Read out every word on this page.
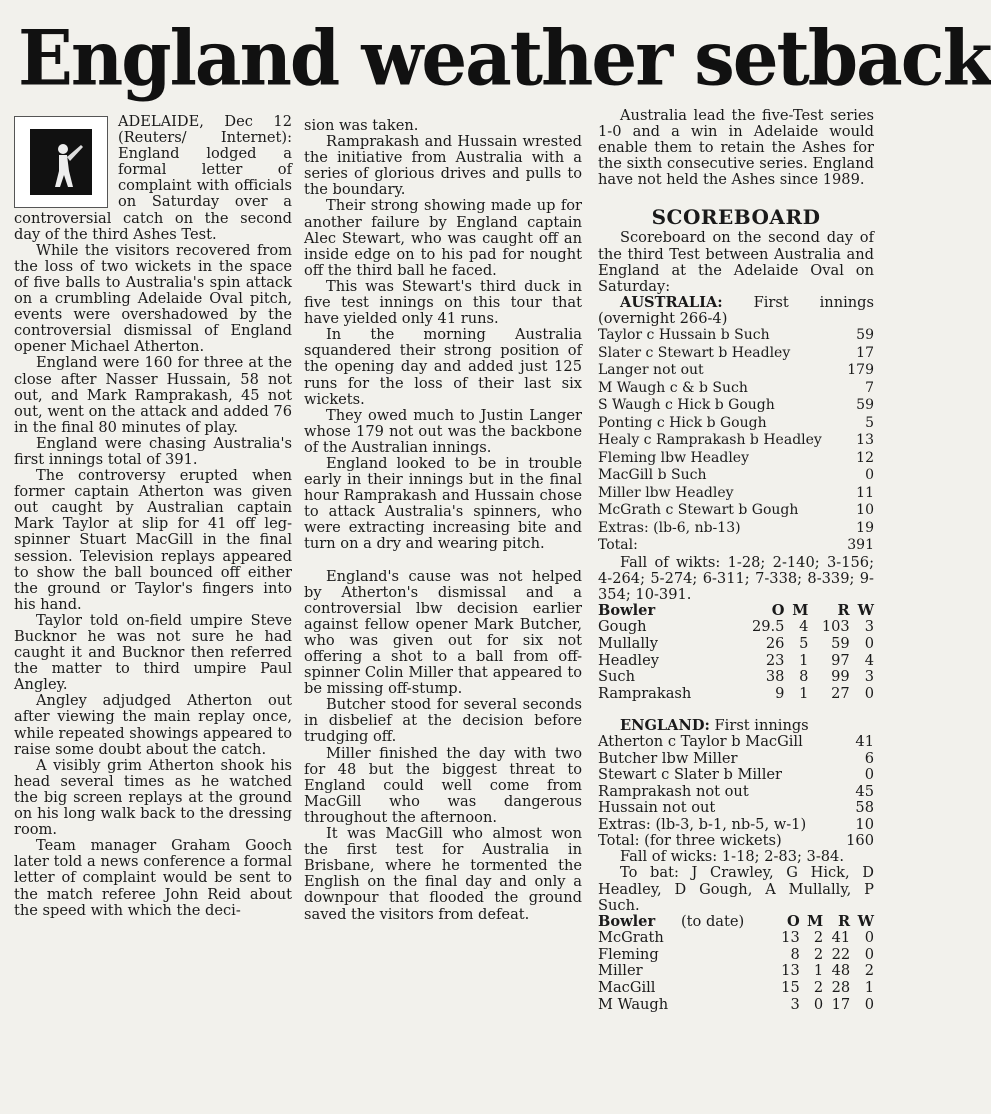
England weather setback

ADELAIDE, Dec 12 (Reuters/ Internet): England lodged a formal letter of complaint with officials on Saturday over a controversial catch on the second day of the third Ashes Test.

While the visitors recovered from the loss of two wickets in the space of five balls to Australia's spin attack on a crumbling Adelaide Oval pitch, events were overshadowed by the controversial dismissal of England opener Michael Atherton.

England were 160 for three at the close after Nasser Hussain, 58 not out, and Mark Ramprakash, 45 not out, went on the attack and added 76 in the final 80 minutes of play.

England were chasing Australia's first innings total of 391.

The controversy erupted when former captain Atherton was given out caught by Australian captain Mark Taylor at slip for 41 off leg-spinner Stuart MacGill in the final session. Television replays appeared to show the ball bounced off either the ground or Taylor's fingers into his hand.

Taylor told on-field umpire Steve Bucknor he was not sure he had caught it and Bucknor then referred the matter to third umpire Paul Angley.

Angley adjudged Atherton out after viewing the main replay once, while repeated showings appeared to raise some doubt about the catch.

A visibly grim Atherton shook his head several times as he watched the big screen replays at the ground on his long walk back to the dressing room.

Team manager Graham Gooch later told a news conference a formal letter of complaint would be sent to the match referee John Reid about the speed with which the deci-

sion was taken.

Ramprakash and Hussain wrested the initiative from Australia with a series of glorious drives and pulls to the boundary.

Their strong showing made up for another failure by England captain Alec Stewart, who was caught off an inside edge on to his pad for nought off the third ball he faced.

This was Stewart's third duck in five test innings on this tour that have yielded only 41 runs.

In the morning Australia squandered their strong position of the opening day and added just 125 runs for the loss of their last six wickets.

They owed much to Justin Langer whose 179 not out was the backbone of the Australian innings.

England looked to be in trouble early in their innings but in the final hour Ramprakash and Hussain chose to attack Australia's spinners, who were extracting increasing bite and turn on a dry and wearing pitch.

England's cause was not helped by Atherton's dismissal and a controversial lbw decision earlier against fellow opener Mark Butcher, who was given out for six not offering a shot to a ball from off-spinner Colin Miller that appeared to be missing off-stump.

Butcher stood for several seconds in disbelief at the decision before trudging off.

Miller finished the day with two for 48 but the biggest threat to England could well come from MacGill who was dangerous throughout the afternoon.

It was MacGill who almost won the first test for Australia in Brisbane, where he tormented the English on the final day and only a downpour that flooded the ground saved the visitors from defeat.

Australia lead the five-Test series 1-0 and a win in Adelaide would enable them to retain the Ashes for the sixth consecutive series. England have not held the Ashes since 1989.

SCOREBOARD

Scoreboard on the second day of the third Test between Australia and England at the Adelaide Oval on Saturday:

AUSTRALIA: First innings (overnight 266-4)

Taylor c Hussain b Such	59
Slater c Stewart b Headley	17
Langer not out	179
M Waugh c & b Such	7
S Waugh c Hick b Gough	59
Ponting c Hick b Gough	5
Healy c Ramprakash b Headley 13
Fleming lbw Headley	12
MacGill b Such	0
Miller lbw Headley	11
McGrath c Stewart b Gough	10
Extras: (lb-6, nb-13)	19
Total:	391

Fall of wikts: 1-28; 2-140; 3-156; 4-264; 5-274; 6-311; 7-338; 8-339; 9-354; 10-391.

Bowler	O	M	R	W
Gough	29.5	4	103	3
Mullally	26	5	59	0
Headley	23	1	97	4
Such	38	8	99	3
Ramprakash	9	1	27	0

ENGLAND: First innings

Atherton c Taylor b MacGill	41
Butcher lbw Miller	6
Stewart c Slater b Miller	0
Ramprakash not out	45
Hussain not out	58
Extras: (lb-3, b-1, nb-5, w-1)	10
Total: (for three wickets)	160

Fall of wicks: 1-18; 2-83; 3-84.

To bat: J Crawley, G Hick, D Headley, D Gough, A Mullally, P Such.

Bowler	(to date)	O	M	R	W
McGrath		13	2	41	0
Fleming		8	2	22	0
Miller		13	1	48	2
MacGill		15	2	28	1
M Waugh		3	0	17	0
